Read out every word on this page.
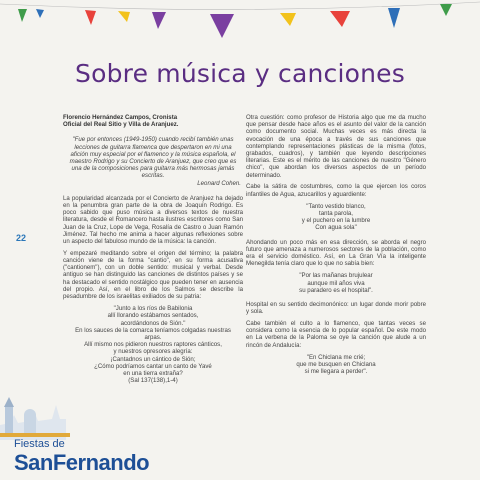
Sobre música y canciones
22

Florencio Hernández Campos, Cronista
Oficial del Real Sitio y Villa de Aranjuez.

"Fue por entonces (1949-1950) cuando recibí también unas lecciones de guitarra flamenca que despertaron en mi una afición muy especial por el flamenco y la música española, el maestro Rodrigo y su Concierto de Aranjuez, que creo que es una de la composiciones para guitarra más hermosas jamás escritas.
Leonard Cohen.

La popularidad alcanzada por el Concierto de Aranjuez ha dejado en la penumbra gran parte de la obra de Joaquín Rodrigo. Es poco sabido que puso música a diversos textos de nuestra literatura, desde el Romancero hasta ilustres escritores como San Juan de la Cruz, Lope de Vega, Rosalía de Castro o Juan Ramón Jiménez. Tal hecho me anima a hacer algunas reflexiones sobre un aspecto del fabuloso mundo de la música: la canción.

Y empezaré meditando sobre el origen del término; la palabra canción viene de la forma "cantio", en su forma acusativa ("cantionem"), con un doble sentido: musical y verbal. Desde antiguo se han distinguido las canciones de distintos países y se ha destacado el sentido nostálgico que pueden tener en ausencia del propio. Así, en el libro de los Salmos se describe la pesadumbre de los israelitas exiliados de su patria:

"Junto a los ríos de Babilonia
allí llorando estábamos sentados,
acordándonos de Sión."
En los sauces de la comarca teníamos colgadas nuestras
arpas.
Allí mismo nos pidieron nuestros raptores cánticos,
y nuestros opresores alegría:
¡Cantadnos un cántico de Sión;
¿Cómo podríamos cantar un canto de Yavé
en una tierra extraña?
(Sal 137(138),1-4)

Otra cuestión: como profesor de Historia algo que me da mucho que pensar desde hace años es el asunto del valor de la canción como documento social. Muchas veces es más directa la evocación de una época a través de sus canciones que contemplando representaciones plásticas de la misma (fotos, grabados, cuadros), y también que leyendo descripciones literarias. Este es el mérito de las canciones de nuestro "Género chico", que abordan los diversos aspectos de un período determinado.

Cabe la sátira de costumbres, como la que ejercen los coros infantiles de Agua, azucarillos y aguardiente:

"Tanto vestido blanco,
tanta parola,
y el puchero en la lumbre
Con agua sola"

Ahondando un poco más en esa dirección, se aborda el negro futuro que amenaza a numerosos sectores de la población, como era el servicio doméstico. Así, en La Gran Vía la inteligente Menegilda tenía claro que lo que no sabía bien:

"Por las mañanas brujulear
aunque mil años viva
su paradero es el hospital".

Hospital en su sentido decimonónico: un lugar donde morir pobre y sola.

Cabe también el culto a lo flamenco, que tantas veces se considera como la esencia de lo popular español. De este modo en La verbena de la Paloma se oye la canción que alude a un rincón de Andalucía:

"En Chiclana me crié;
que me busquen en Chiclana
si me llegara a perder".
Fiestas de
SanFernando
